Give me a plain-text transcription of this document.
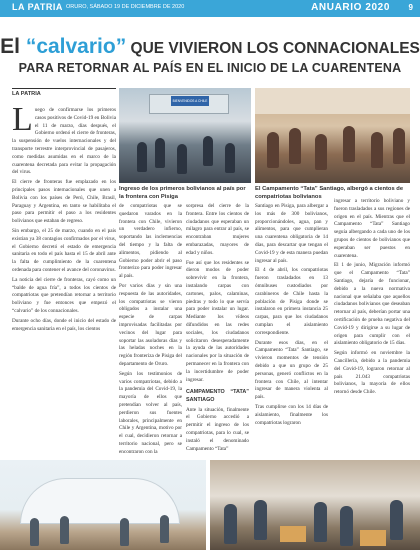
LA PATRIA ORURO, SÁBADO 19 DE DICIEMBRE DE 2020	ANUARIO 2020 9
El “calvario” QUE VIVIERON LOS CONNACIONALES
PARA RETORNAR AL PAÍS EN EL INICIO DE LA CUARENTENA
LA PATRIA

Luego de confirmarse los primeros casos positivos de Covid-19 en Bolivia el 11 de marzo, días después, el Gobierno ordenó el cierre de fronteras, la suspensión de vuelos internacionales y del transporte terrestre interprovincial de pasajeros, como medidas asumidas en el marco de la cuarentena decretada para evitar la propagación del virus.

El cierre de fronteras fue emplazado en los principales pasos internacionales que unen a Bolivia con los países de Perú, Chile, Brasil, Paraguay y Argentina, en tanto se habilitaba el paso para permitir el paso a los residentes bolivianos que estaban de regreso.

Sin embargo, el 25 de marzo, cuando en el país existían ya 38 contagios confirmados por el virus, el Gobierno decretó el estado de emergencia sanitaria en todo el país hasta el 15 de abril ante la falta de cumplimiento de la cuarentena ordenada para contener el avance del coronavirus.

La noticia del cierre de fronteras, cayó como un “balde de agua fría”, a todos los cientos de compatriotas que pretendían retornar a territorio boliviano y fue entonces que empezó el “calvario” de los connacionales.

Durante ocho días, donde el inicio del estado de emergencia sanitaria en el país, los cientos

BIENVENIDOS A CHILE
Ingreso de los primeros bolivianos al país por la frontera con Pisiga
El Campamento “Tata” Santiago, albergó a cientos de compatriotas bolivianos

de compatriotas que se quedaron varados en la frontera con Chile, vivieron un verdadero infierno, soportando las inclemencias del tiempo y la falta de alimentos, pidiendo al Gobierno poder abrir el paso fronterizo para poder ingresar al país.

Por varios días y sin una respuesta de las autoridades, los compatriotas se vieron obligados a instalar una especie de carpas improvisadas facilitadas por vecinos del lugar para soportar las asoladoras días y las heladas noches en la región fronteriza de Pisiga del departamento de Oruro.

Según los testimonios de varios compatriotas, debido a la pandemia del Covid-19, la mayoría de ellos que pretendían volver al país, perdieron sus fuentes laborales, principalmente en Chile y Argentina, motivo por el cual, decidieron retornar a territorio nacional, pero se encontraron con la

sorpresa del cierre de la frontera. Entre los cientos de ciudadanos que esperaban un milagro para entrar al país, se encontraban mujeres embarazadas, mayores de edad y niños.

Fue así que los residentes se dieron modos de poder sobrevivir en la frontera, instalando carpas con cartones, palos, calaminas, piedras y todo lo que servía para poder instalar un lugar. Mediante los vídeos difundidos en las redes sociales, los ciudadanos solicitaron desesperadamente la ayuda de las autoridades nacionales por la situación de permanecer en la frontera con la incertidumbre de poder ingresar.

CAMPAMENTO “TATA” SANTIAGO

Ante la situación, finalmente el Gobierno accedió a permitir el ingreso de los compatriotas, para lo cual, se instaló el denominado Campamento “Tata”

Santiago en Pisiga, para albergar a los más de 300 bolivianos, proporcionándoles, agua, pan y alimentos, para que cumplieran una cuarentena obligatoria de 14 días, para descartar que tengan el Covid-19 y de esta manera puedan ingresar al país.

El 4 de abril, los compatriotas fueron trasladados en 13 ómnibuses custodiados por carabineros de Chile hasta la población de Pisiga donde se instalaron en primera instancia 25 carpas, para que los ciudadanos cumplan el aislamiento correspondiente.

Durante esos días, en el Campamento “Tata” Santiago, se vivieron momentos de tensión debido a que un grupo de 25 personas, generó conflictos en la frontera con Chile, al intentar ingresar de manera violenta al país.

Tras cumplirse con los 14 días de aislamiento, finalmente los compatriotas lograron

ingresar a territorio boliviano y fueron trasladados a sus regiones de origen en el país. Mientras que el Campamento “Tata” Santiago seguía albergando a cada uno de los grupos de cientos de bolivianos que esperaban ser puestos en cuarentena.

El 1 de junio, Migración informó que el Campamento “Tata” Santiago, dejaría de funcionar, debido a la nueva normativa nacional que señalaba que aquellos ciudadanos bolivianos que deseaban retornar al país, deberían portar una certificación de prueba negativa del Covid-19 y dirigirse a su lugar de origen para cumplir con el aislamiento obligatorio de 15 días.

Según informó en noviembre la Cancillería, debido a la pandemia del Covid-19, lograron retornar al país 21.043 compatriotas bolivianos, la mayoría de ellos retornó desde Chile.
